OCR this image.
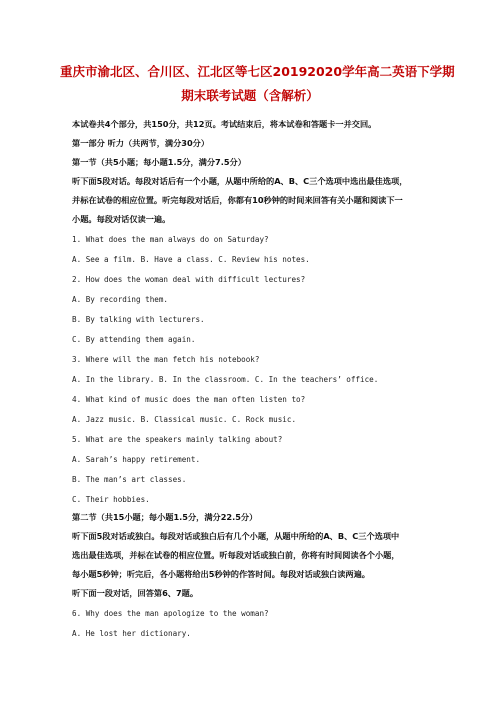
重庆市渝北区、合川区、江北区等七区20192020学年高二英语下学期
期末联考试题（含解析）
本试卷共4个部分，共150分，共12页。考试结束后，将本试卷和答题卡一并交回。
第一部分 听力（共两节，满分30分）
第一节（共5小题；每小题1.5分，满分7.5分）
听下面5段对话。每段对话后有一个小题，从题中所给的A、B、C三个选项中选出最佳选项，
并标在试卷的相应位置。听完每段对话后，你都有10秒钟的时间来回答有关小题和阅读下一
小题。每段对话仅读一遍。
1. What does the man always do on Saturday?
A. See a film. B. Have a class. C. Review his notes.
2. How does the woman deal with difficult lectures?
A. By recording them.
B. By talking with lecturers.
C. By attending them again.
3. Where will the man fetch his notebook?
A. In the library. B. In the classroom. C. In the teachers’ office.
4. What kind of music does the man often listen to?
A. Jazz music. B. Classical music. C. Rock music.
5. What are the speakers mainly talking about?
A. Sarah’s happy retirement.
B. The man’s art classes.
C. Their hobbies.
第二节（共15小题；每小题1.5分，满分22.5分）
听下面5段对话或独白。每段对话或独白后有几个小题，从题中所给的A、B、C三个选项中
选出最佳选项，并标在试卷的相应位置。听每段对话或独白前，你将有时间阅读各个小题，
每小题5秒钟；听完后，各小题将给出5秒钟的作答时间。每段对话或独白读两遍。
听下面一段对话，回答第6、7题。
6. Why does the man apologize to the woman?
A. He lost her dictionary.
